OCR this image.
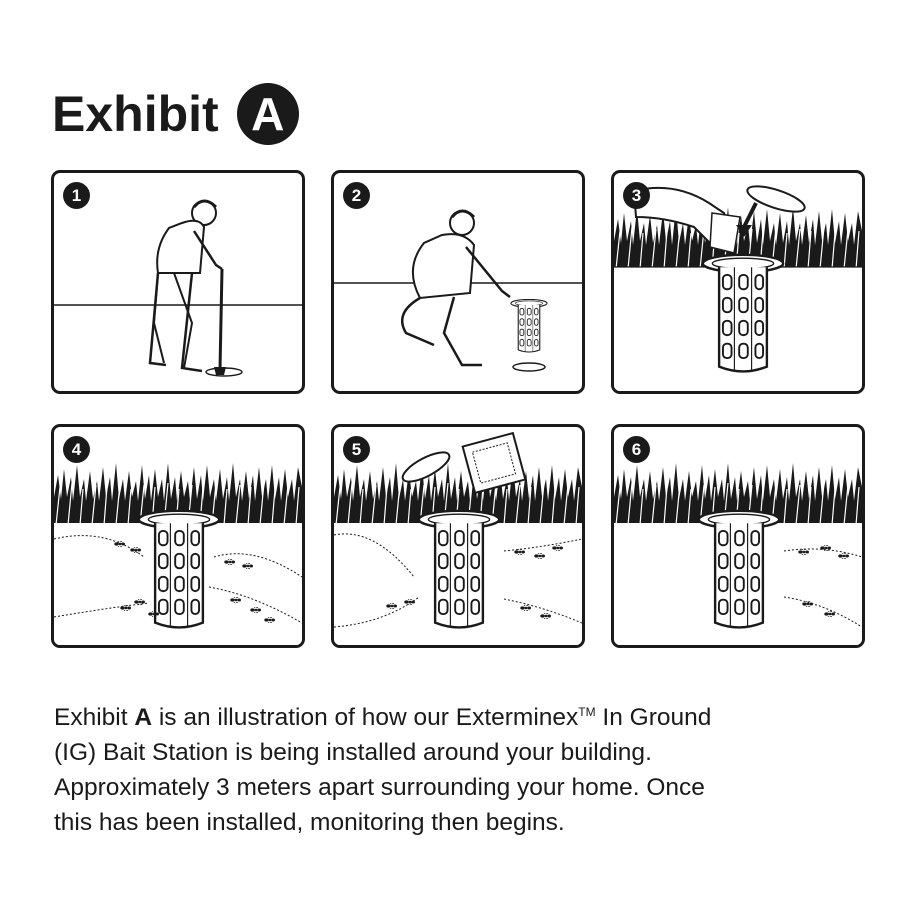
Exhibit A
1	2	3
4	5	6

Exhibit A is an illustration of how our Exterminex™ In Ground

(IG) Bait Station is being installed around your building.

Approximately 3 meters apart surrounding your home. Once

this has been installed, monitoring then begins.
